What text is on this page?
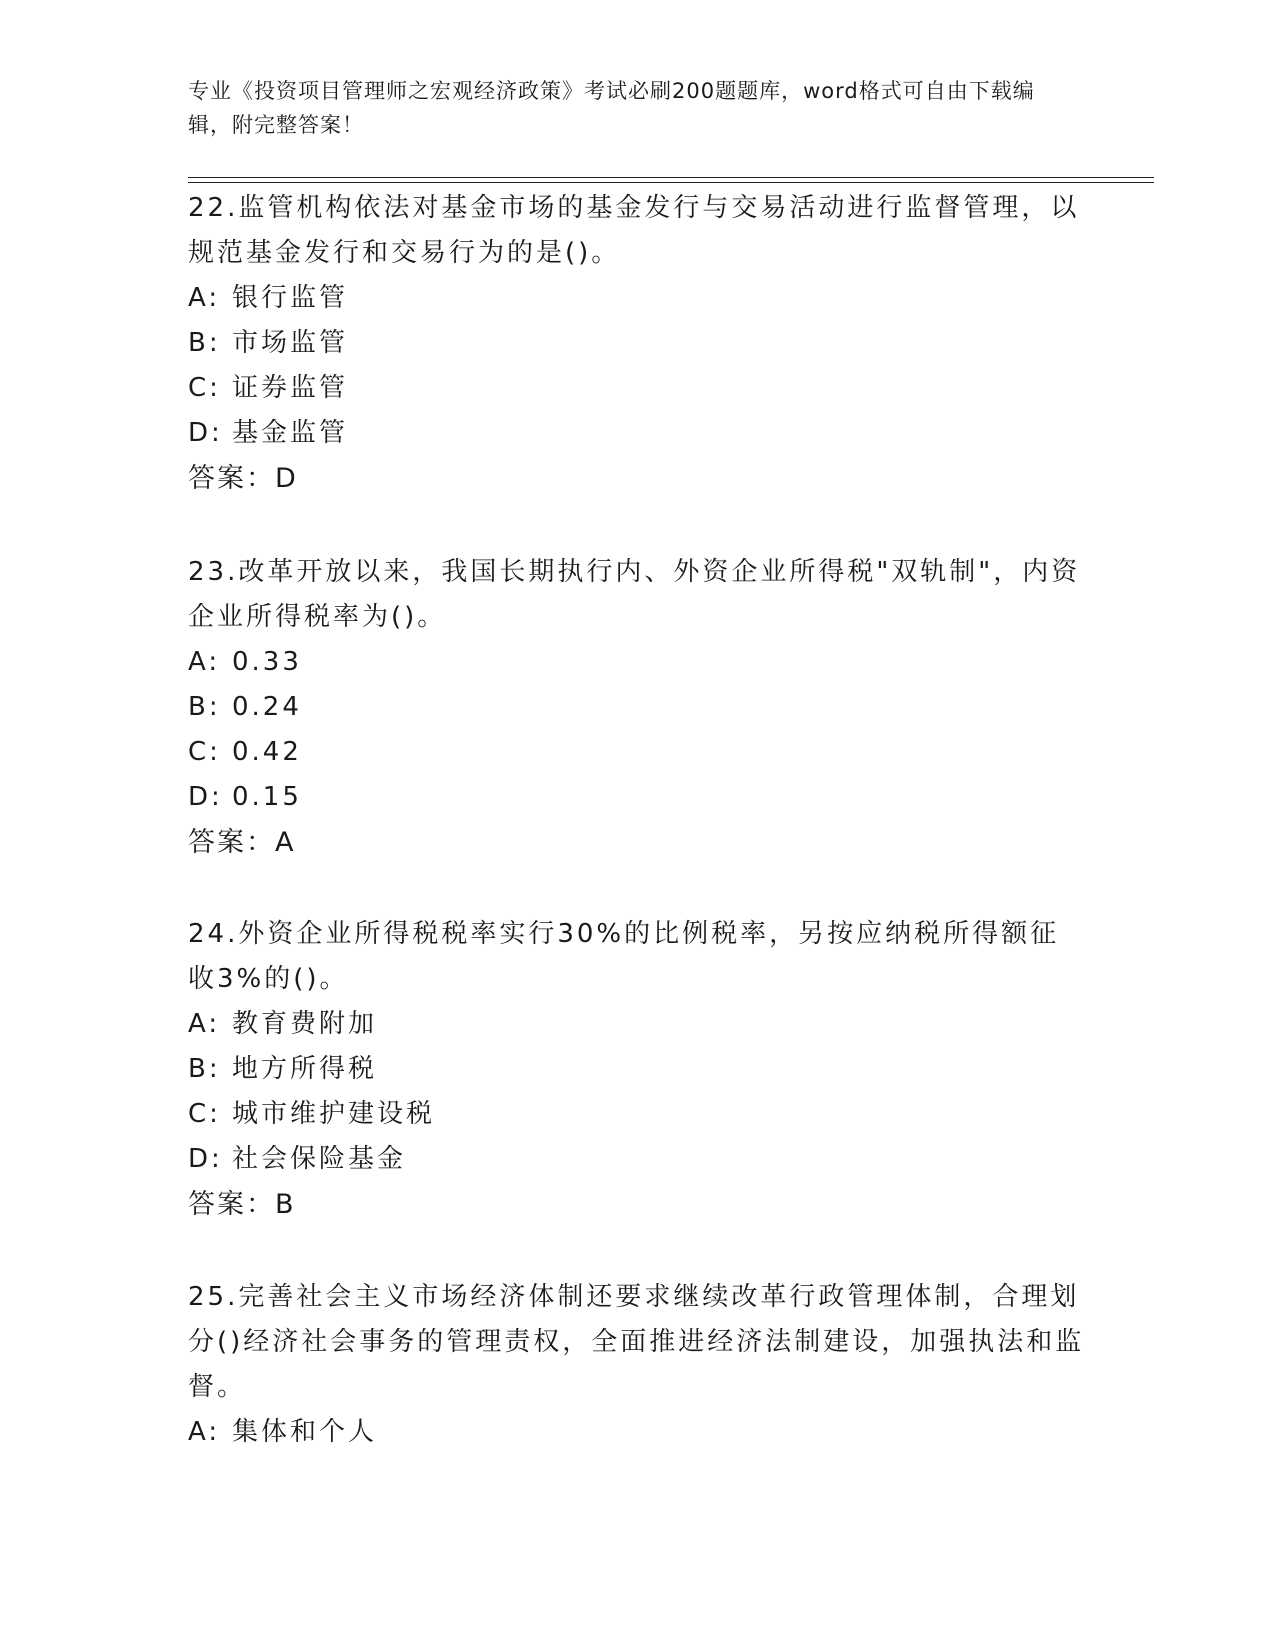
专业《投资项目管理师之宏观经济政策》考试必刷200题题库，word格式可自由下载编辑，附完整答案！

22.监管机构依法对基金市场的基金发行与交易活动进行监督管理，以规范基金发行和交易行为的是()。

A: 银行监管

B: 市场监管

C: 证券监管

D: 基金监管

答案：D

23.改革开放以来，我国长期执行内、外资企业所得税"双轨制"，内资企业所得税率为()。

A: 0.33

B: 0.24

C: 0.42

D: 0.15

答案：A

24.外资企业所得税税率实行30%的比例税率，另按应纳税所得额征收3%的()。

A: 教育费附加

B: 地方所得税

C: 城市维护建设税

D: 社会保险基金

答案：B

25.完善社会主义市场经济体制还要求继续改革行政管理体制，合理划分()经济社会事务的管理责权，全面推进经济法制建设，加强执法和监督。

A: 集体和个人
